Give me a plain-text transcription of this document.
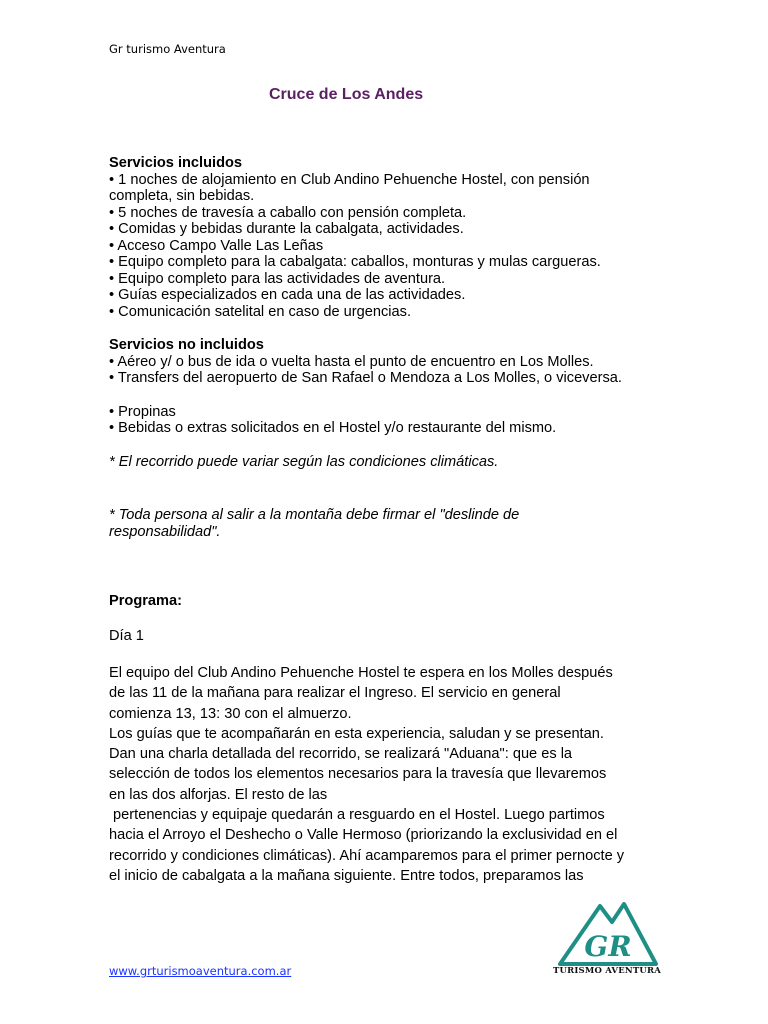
Gr turismo Aventura
Cruce de Los Andes
Servicios incluidos
• 1 noches de alojamiento en Club Andino Pehuenche Hostel, con pensión
completa, sin bebidas.
• 5 noches de travesía a caballo con pensión completa.
• Comidas y bebidas durante la cabalgata, actividades.
• Acceso Campo Valle Las Leñas
• Equipo completo para la cabalgata: caballos, monturas y mulas cargueras.
• Equipo completo para las actividades de aventura.
• Guías especializados en cada una de las actividades.
• Comunicación satelital en caso de urgencias.
Servicios no incluidos
• Aéreo y/ o bus de ida o vuelta hasta el punto de encuentro en Los Molles.
• Transfers del aeropuerto de San Rafael o Mendoza a Los Molles, o viceversa.
• Propinas
• Bebidas o extras solicitados en el Hostel y/o restaurante del mismo.
* El recorrido puede variar según las condiciones climáticas.
* Toda persona al salir a la montaña debe firmar el "deslinde de
responsabilidad".
Programa:
Día 1
El equipo del Club Andino Pehuenche Hostel te espera en los Molles después
de las 11 de la mañana para realizar el Ingreso. El servicio en general
comienza 13, 13: 30 con el almuerzo.
Los guías que te acompañarán en esta experiencia, saludan y se presentan.
Dan una charla detallada del recorrido, se realizará "Aduana": que es la
selección de todos los elementos necesarios para la travesía que llevaremos
en las dos alforjas. El resto de las
pertenencias y equipaje quedarán a resguardo en el Hostel. Luego partimos
hacia el Arroyo el Deshecho o Valle Hermoso (priorizando la exclusividad en el
recorrido y condiciones climáticas). Ahí acamparemos para el primer pernocte y
el inicio de cabalgata a la mañana siguiente. Entre todos, preparamos las
www.grturismoaventura.com.ar
GR
TURISMO AVENTURA
